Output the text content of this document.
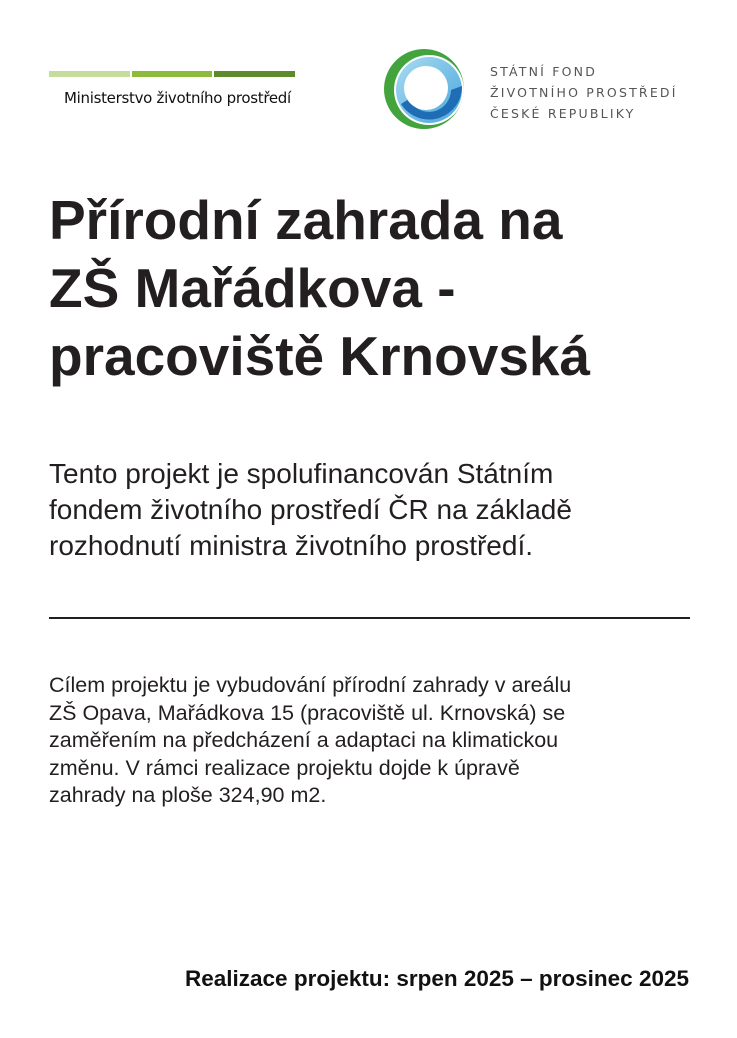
Ministerstvo životního prostředí
STÁTNÍ FOND
ŽIVOTNÍHO PROSTŘEDÍ
ČESKÉ REPUBLIKY
Přírodní zahrada na
ZŠ Mařádkova -
pracoviště Krnovská

Tento projekt je spolufinancován Státním
fondem životního prostředí ČR na základě
rozhodnutí ministra životního prostředí.

Cílem projektu je vybudování přírodní zahrady v areálu
ZŠ Opava, Mařádkova 15 (pracoviště ul. Krnovská) se
zaměřením na předcházení a adaptaci na klimatickou
změnu. V rámci realizace projektu dojde k úpravě
zahrady na ploše 324,90 m2.

Realizace projektu: srpen 2025 – prosinec 2025
